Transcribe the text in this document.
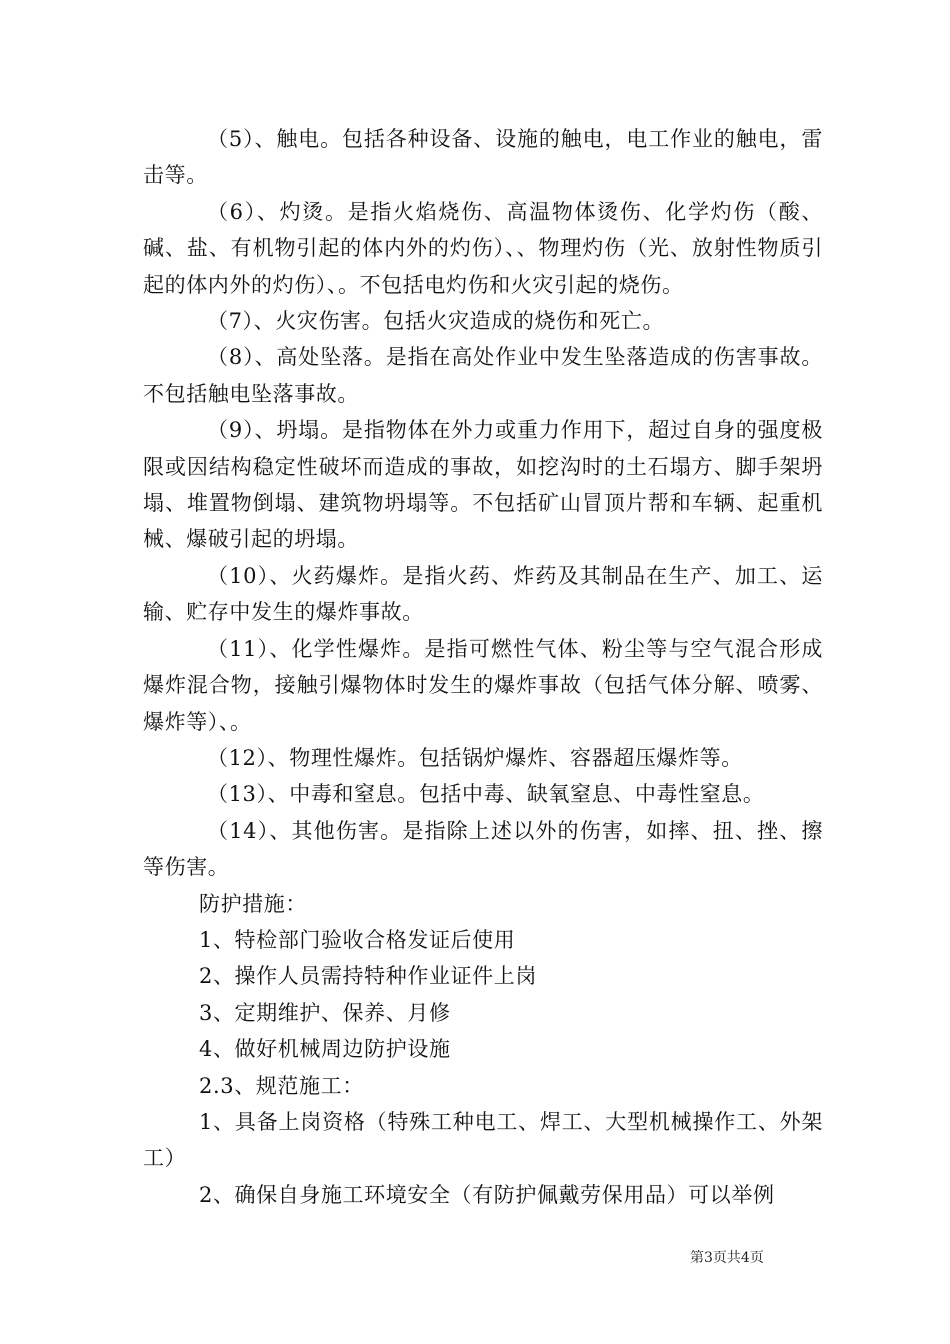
（5）、触电。包括各种设备、设施的触电，电工作业的触电，雷击等。

（6）、灼烫。是指火焰烧伤、高温物体烫伤、化学灼伤（酸、碱、盐、有机物引起的体内外的灼伤）、、物理灼伤（光、放射性物质引起的体内外的灼伤）、。不包括电灼伤和火灾引起的烧伤。

（7）、火灾伤害。包括火灾造成的烧伤和死亡。

（8）、高处坠落。是指在高处作业中发生坠落造成的伤害事故。不包括触电坠落事故。

（9）、坍塌。是指物体在外力或重力作用下，超过自身的强度极限或因结构稳定性破坏而造成的事故，如挖沟时的土石塌方、脚手架坍塌、堆置物倒塌、建筑物坍塌等。不包括矿山冒顶片帮和车辆、起重机械、爆破引起的坍塌。

（10）、火药爆炸。是指火药、炸药及其制品在生产、加工、运输、贮存中发生的爆炸事故。

（11）、化学性爆炸。是指可燃性气体、粉尘等与空气混合形成爆炸混合物，接触引爆物体时发生的爆炸事故（包括气体分解、喷雾、爆炸等）、。

（12）、物理性爆炸。包括锅炉爆炸、容器超压爆炸等。

（13）、中毒和窒息。包括中毒、缺氧窒息、中毒性窒息。

（14）、其他伤害。是指除上述以外的伤害，如摔、扭、挫、擦等伤害。

防护措施：

1、特检部门验收合格发证后使用

2、操作人员需持特种作业证件上岗

3、定期维护、保养、月修

4、做好机械周边防护设施

2.3、规范施工：

1、具备上岗资格（特殊工种电工、焊工、大型机械操作工、外架工）

2、确保自身施工环境安全（有防护佩戴劳保用品）可以举例

第3页共4页
